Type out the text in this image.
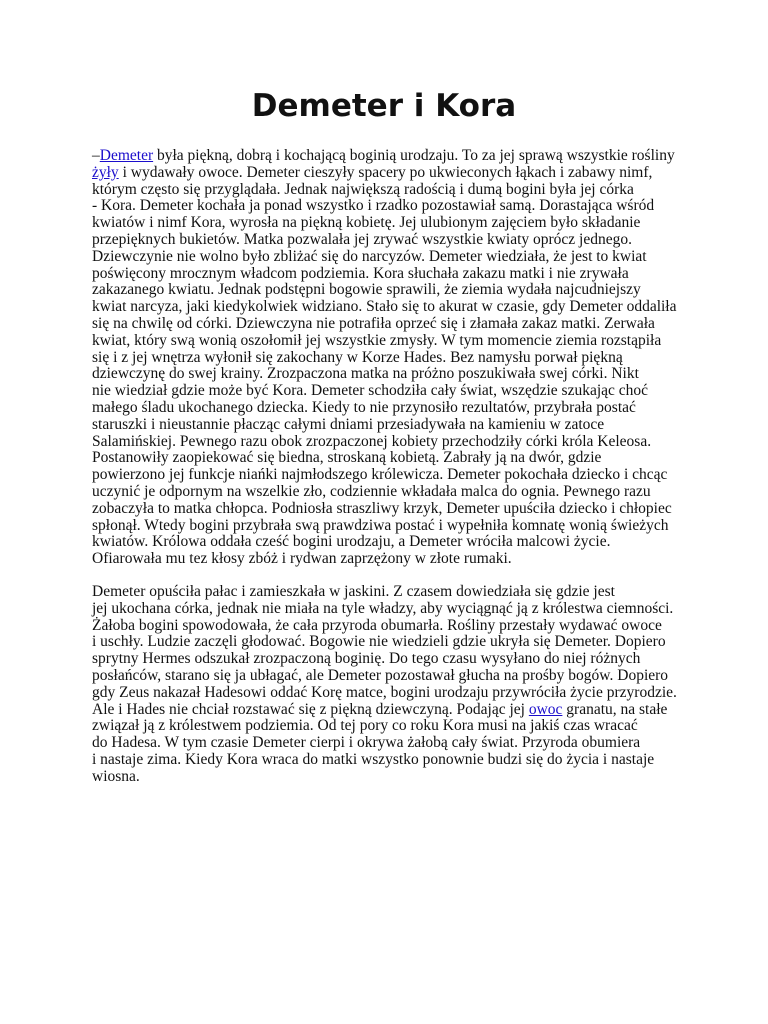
Demeter i Kora
–Demeter była piękną, dobrą i kochającą boginią urodzaju. To za jej sprawą wszystkie rośliny
żyły i wydawały owoce. Demeter cieszyły spacery po ukwieconych łąkach i zabawy nimf,
którym często się przyglądała. Jednak największą radością i dumą bogini była jej córka
- Kora. Demeter kochała ja ponad wszystko i rzadko pozostawiał samą. Dorastająca wśród
kwiatów i nimf Kora, wyrosła na piękną kobietę. Jej ulubionym zajęciem było składanie
przepięknych bukietów. Matka pozwalała jej zrywać wszystkie kwiaty oprócz jednego.
Dziewczynie nie wolno było zbliżać się do narcyzów. Demeter wiedziała, że jest to kwiat
poświęcony mrocznym władcom podziemia. Kora słuchała zakazu matki i nie zrywała
zakazanego kwiatu. Jednak podstępni bogowie sprawili, że ziemia wydała najcudniejszy
kwiat narcyza, jaki kiedykolwiek widziano. Stało się to akurat w czasie, gdy Demeter oddaliła
się na chwilę od córki. Dziewczyna nie potrafiła oprzeć się i złamała zakaz matki. Zerwała
kwiat, który swą wonią oszołomił jej wszystkie zmysły. W tym momencie ziemia rozstąpiła
się i z jej wnętrza wyłonił się zakochany w Korze Hades. Bez namysłu porwał piękną
dziewczynę do swej krainy. Zrozpaczona matka na próżno poszukiwała swej córki. Nikt
nie wiedział gdzie może być Kora. Demeter schodziła cały świat, wszędzie szukając choć
małego śladu ukochanego dziecka. Kiedy to nie przynosiło rezultatów, przybrała postać
staruszki i nieustannie płacząc całymi dniami przesiadywała na kamieniu w zatoce
Salamińskiej. Pewnego razu obok zrozpaczonej kobiety przechodziły córki króla Keleosa.
Postanowiły zaopiekować się biedna, stroskaną kobietą. Zabrały ją na dwór, gdzie
powierzono jej funkcje niańki najmłodszego królewicza. Demeter pokochała dziecko i chcąc
uczynić je odpornym na wszelkie zło, codziennie wkładała malca do ognia. Pewnego razu
zobaczyła to matka chłopca. Podniosła straszliwy krzyk, Demeter upuściła dziecko i chłopiec
spłonął. Wtedy bogini przybrała swą prawdziwa postać i wypełniła komnatę wonią świeżych
kwiatów. Królowa oddała cześć bogini urodzaju, a Demeter wróciła malcowi życie.
Ofiarowała mu tez kłosy zbóż i rydwan zaprzężony w złote rumaki.
Demeter opuściła pałac i zamieszkała w jaskini. Z czasem dowiedziała się gdzie jest
jej ukochana córka, jednak nie miała na tyle władzy, aby wyciągnąć ją z królestwa ciemności.
Żałoba bogini spowodowała, że cała przyroda obumarła. Rośliny przestały wydawać owoce
i uschły. Ludzie zaczęli głodować. Bogowie nie wiedzieli gdzie ukryła się Demeter. Dopiero
sprytny Hermes odszukał zrozpaczoną boginię. Do tego czasu wysyłano do niej różnych
posłańców, starano się ja ubłagać, ale Demeter pozostawał głucha na prośby bogów. Dopiero
gdy Zeus nakazał Hadesowi oddać Korę matce, bogini urodzaju przywróciła życie przyrodzie.
Ale i Hades nie chciał rozstawać się z piękną dziewczyną. Podając jej owoc granatu, na stałe
związał ją z królestwem podziemia. Od tej pory co roku Kora musi na jakiś czas wracać
do Hadesa. W tym czasie Demeter cierpi i okrywa żałobą cały świat. Przyroda obumiera
i nastaje zima. Kiedy Kora wraca do matki wszystko ponownie budzi się do życia i nastaje
wiosna.
